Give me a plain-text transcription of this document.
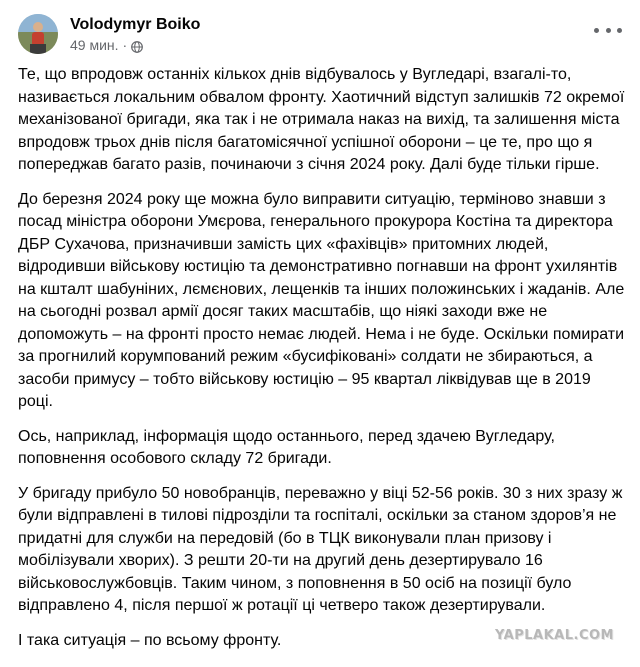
Volodymyr Boiko
49 мин. ·

Те, що впродовж останніх кількох днів відбувалось у Вугледарі, взагалі-то, називається локальним обвалом фронту. Хаотичний відступ залишків 72 окремої механізованої бригади, яка так і не отримала наказ на вихід, та залишення міста впродовж трьох днів після багатомісячної успішної оборони – це те, про що я попереджав багато разів, починаючи з січня 2024 року. Далі буде тільки гірше.

До березня 2024 року ще можна було виправити ситуацію, терміново знавши з посад міністра оборони Умєрова, генерального прокурора Костіна та директора ДБР Сухачова, призначивши замість цих «фахівців» притомних людей, відродивши військову юстицію та демонстративно погнавши на фронт ухилянтів на кшталт шабуніних, лємєнових, лещенків та інших положинських і жаданів. Але на сьогодні розвал армії досяг таких масштабів, що ніякі заходи вже не допоможуть – на фронті просто немає людей. Нема і не буде. Оскільки помирати за прогнилий корумпований режим «бусифіковані» солдати не збираються, а засоби примусу – тобто військову юстицію – 95 квартал ліквідував ще в 2019 році.

Ось, наприклад, інформація щодо останнього, перед здачею Вугледару, поповнення особового складу 72 бригади.

У бригаду прибуло 50 новобранців, переважно у віці 52-56 років. 30 з них зразу ж були відправлені в тилові підрозділи та госпіталі, оскільки за станом здоров’я не придатні для служби на передовій (бо в ТЦК виконували план призову і мобілізували хворих). З решти 20-ти на другий день дезертирувало 16 військовослужбовців. Таким чином, з поповнення в 50 осіб на позиції було відправлено 4, після першої ж ротації ці четверо також дезертирували.

І така ситуація – по всьому фронту.	YAPLAKAL.COM
